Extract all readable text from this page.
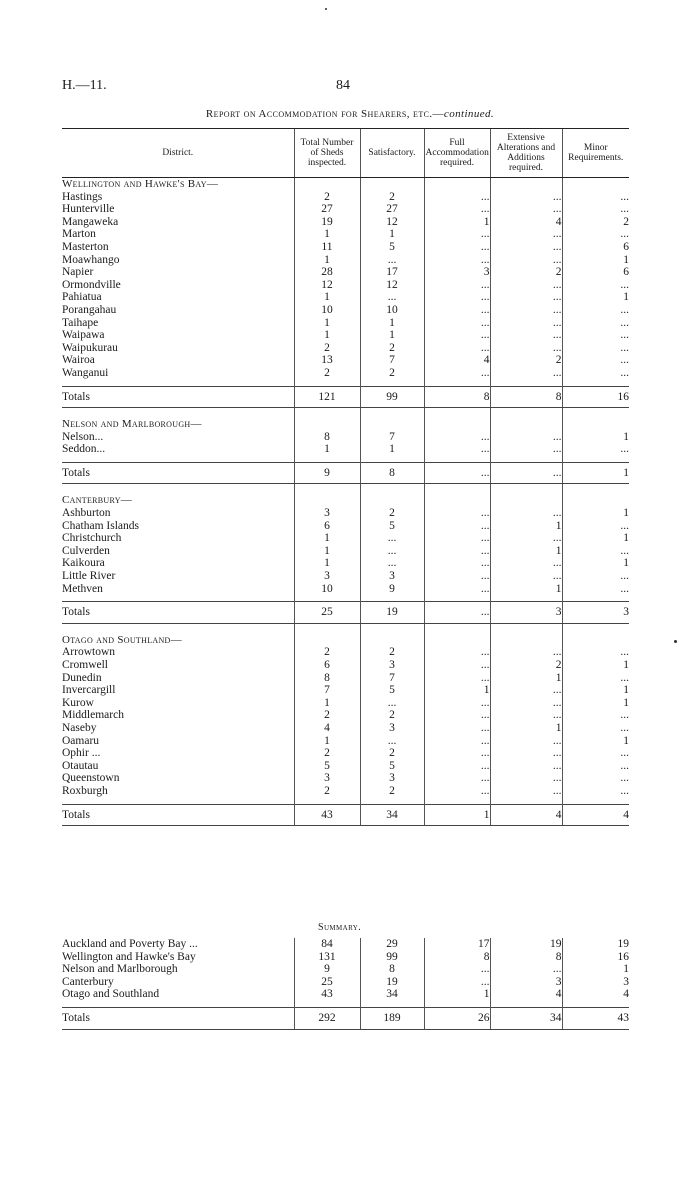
H.—11.	84
Report on Accommodation for Shearers, etc.—continued.
District.	Total Number of Sheds inspected.	Satisfactory.	Full Accommodation required.	Extensive Alterations and Additions required.	Minor Requirements.
Wellington and Hawke's Bay—					
Hastings	2	2	...	...	...
Hunterville	27	27	...	...	...
Mangaweka	19	12	1	4	2
Marton	1	1	...	...	...
Masterton	11	5	...	...	6
Moawhango	1	...	...	...	1
Napier	28	17	3	2	6
Ormondville	12	12	...	...	...
Pahiatua	1	...	...	...	1
Porangahau	10	10	...	...	...
Taihape	1	1	...	...	...
Waipawa	1	1	...	...	...
Waipukurau	2	2	...	...	...
Wairoa	13	7	4	2	...
Wanganui	2	2	...	...	...

Totals	121	99	8	8	16

Nelson and Marlborough—					
Nelson...	8	7	...	...	1
Seddon...	1	1	...	...	...

Totals	9	8	...	...	1

Canterbury—					
Ashburton	3	2	...	...	1
Chatham Islands	6	5	...	1	...
Christchurch	1	...	...	...	1
Culverden	1	...	...	1	...
Kaikoura	1	...	...	...	1
Little River	3	3	...	...	...
Methven	10	9	...	1	...

Totals	25	19	...	3	3

Otago and Southland—					
Arrowtown	2	2	...	...	...
Cromwell	6	3	...	2	1
Dunedin	8	7	...	1	...
Invercargill	7	5	1	...	1
Kurow	1	...	...	...	1
Middlemarch	2	2	...	...	...
Naseby	4	3	...	1	...
Oamaru	1	...	...	...	1
Ophir ...	2	2	...	...	...
Otautau	5	5	...	...	...
Queenstown	3	3	...	...	...
Roxburgh	2	2	...	...	...

Totals	43	34	1	4	4
Summary.
Auckland and Poverty Bay ...	84	29	17	19	19
Wellington and Hawke's Bay	131	99	8	8	16
Nelson and Marlborough	9	8	...	...	1
Canterbury	25	19	...	3	3
Otago and Southland	43	34	1	4	4

Totals	292	189	26	34	43
